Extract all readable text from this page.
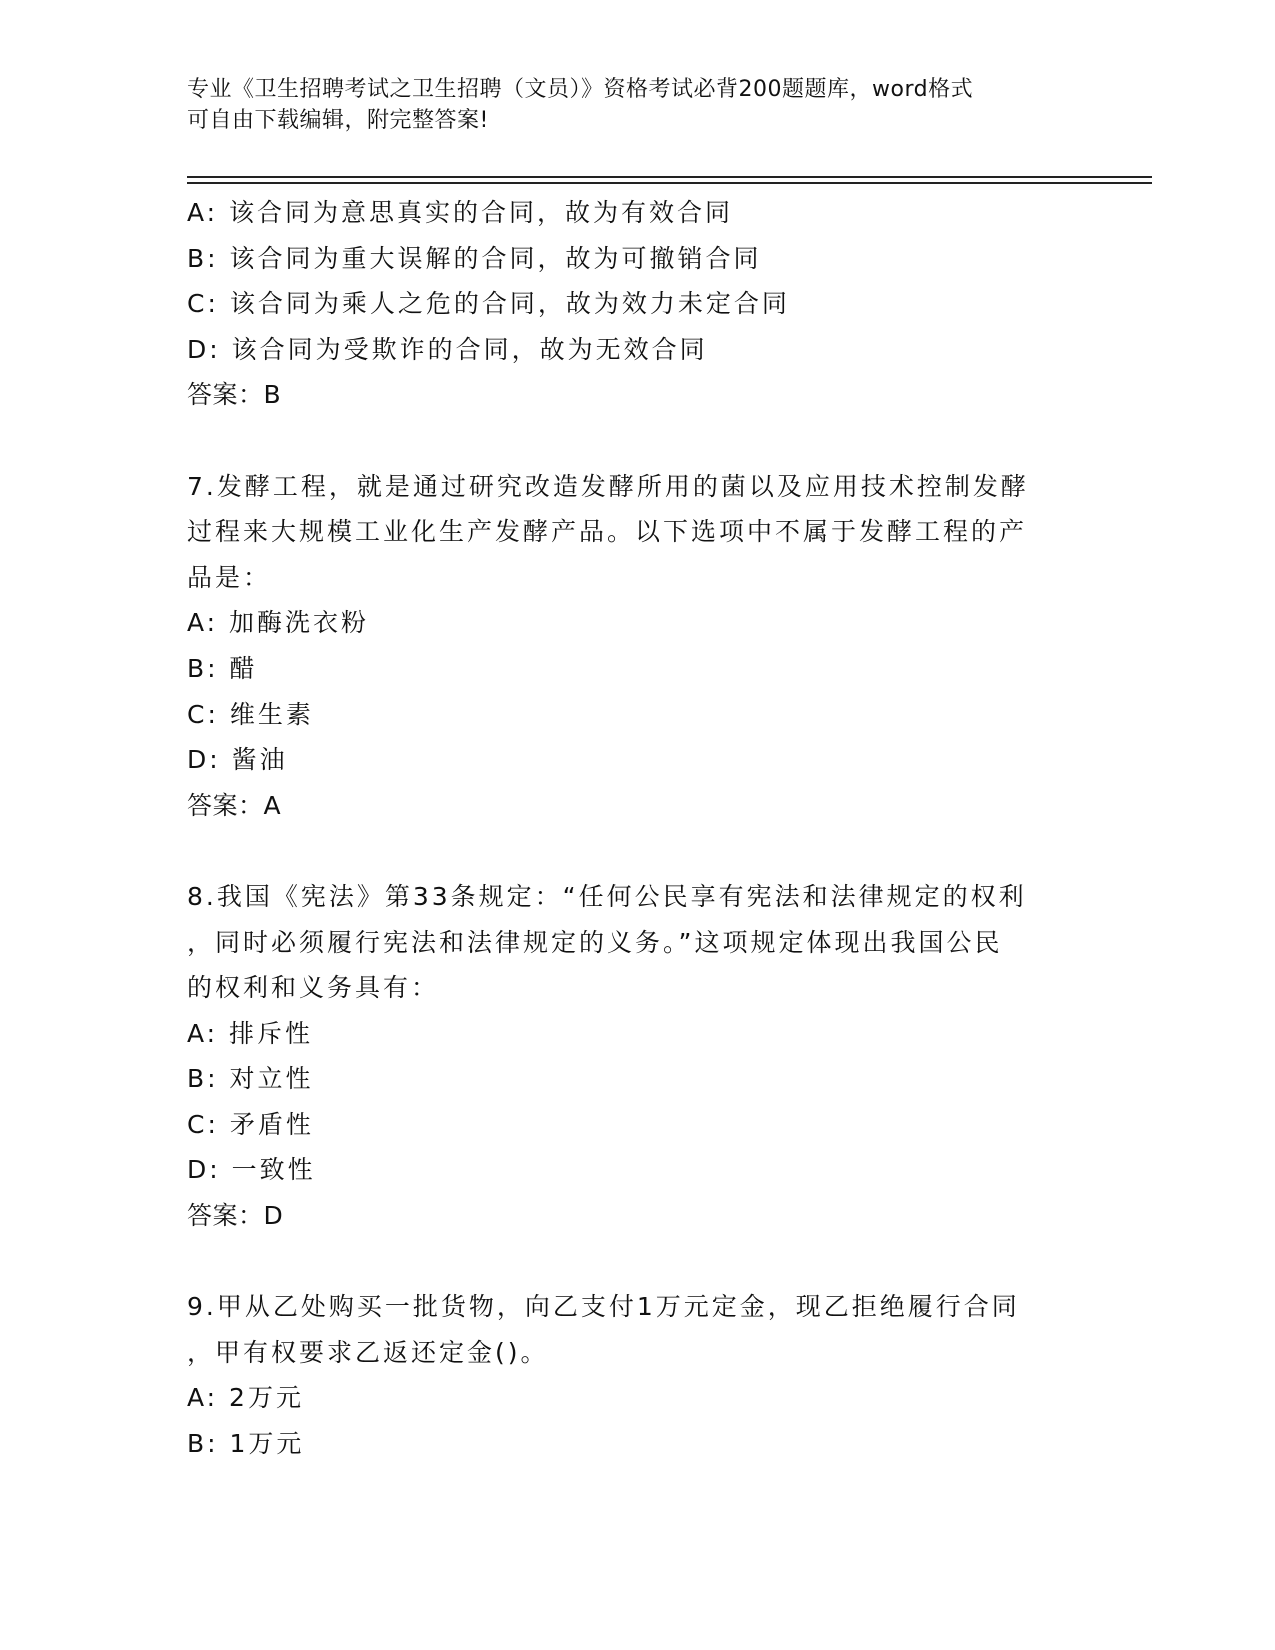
专业《卫生招聘考试之卫生招聘（文员）》资格考试必背200题题库，word格式
可自由下载编辑，附完整答案!
A: 该合同为意思真实的合同，故为有效合同
B: 该合同为重大误解的合同，故为可撤销合同
C: 该合同为乘人之危的合同，故为效力未定合同
D: 该合同为受欺诈的合同，故为无效合同
答案：B
7.发酵工程，就是通过研究改造发酵所用的菌以及应用技术控制发酵
过程来大规模工业化生产发酵产品。以下选项中不属于发酵工程的产
品是：
A: 加酶洗衣粉
B: 醋
C: 维生素
D: 酱油
答案：A
8.我国《宪法》第33条规定：“任何公民享有宪法和法律规定的权利
，同时必须履行宪法和法律规定的义务。”这项规定体现出我国公民
的权利和义务具有：
A: 排斥性
B: 对立性
C: 矛盾性
D: 一致性
答案：D
9.甲从乙处购买一批货物，向乙支付1万元定金，现乙拒绝履行合同
，甲有权要求乙返还定金()。
A: 2万元
B: 1万元
